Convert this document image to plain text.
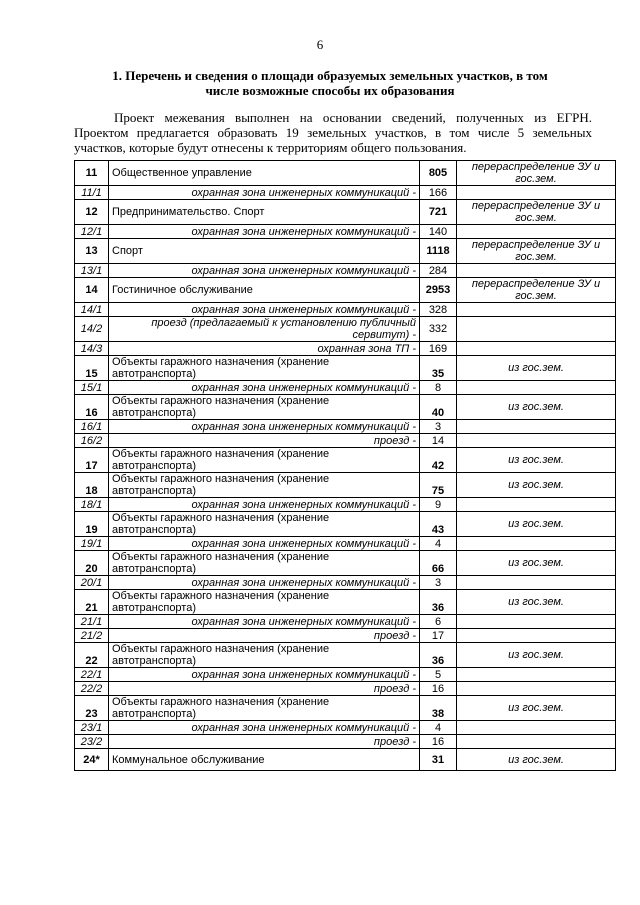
6
1. Перечень и сведения о площади образуемых земельных участков, в том числе возможные способы их образования
Проект межевания выполнен на основании сведений, полученных из ЕГРН. Проектом предлагается образовать 19 земельных участков, в том числе 5 земельных участков, которые будут отнесены к территориям общего пользования.
11	Общественное управление	805	перераспределение ЗУ и гос.зем.
11/1	охранная зона инженерных коммуникаций -	166	
12	Предпринимательство. Спорт	721	перераспределение ЗУ и гос.зем.
12/1	охранная зона инженерных коммуникаций -	140	
13	Спорт	1118	перераспределение ЗУ и гос.зем.
13/1	охранная зона инженерных коммуникаций -	284	
14	Гостиничное обслуживание	2953	перераспределение ЗУ и гос.зем.
14/1	охранная зона инженерных коммуникаций -	328	
14/2	проезд (предлагаемый к установлению публичный сервитут) -	332	
14/3	охранная зона ТП -	169	
15	Объекты гаражного назначения (хранение автотранспорта)	35	из гос.зем.
15/1	охранная зона инженерных коммуникаций -	8	
16	Объекты гаражного назначения (хранение автотранспорта)	40	из гос.зем.
16/1	охранная зона инженерных коммуникаций -	3	
16/2	проезд -	14	
17	Объекты гаражного назначения (хранение автотранспорта)	42	из гос.зем.
18	Объекты гаражного назначения (хранение автотранспорта)	75	из гос.зем.
18/1	охранная зона инженерных коммуникаций -	9	
19	Объекты гаражного назначения (хранение автотранспорта)	43	из гос.зем.
19/1	охранная зона инженерных коммуникаций -	4	
20	Объекты гаражного назначения (хранение автотранспорта)	66	из гос.зем.
20/1	охранная зона инженерных коммуникаций -	3	
21	Объекты гаражного назначения (хранение автотранспорта)	36	из гос.зем.
21/1	охранная зона инженерных коммуникаций -	6	
21/2	проезд -	17	
22	Объекты гаражного назначения (хранение автотранспорта)	36	из гос.зем.
22/1	охранная зона инженерных коммуникаций -	5	
22/2	проезд -	16	
23	Объекты гаражного назначения (хранение автотранспорта)	38	из гос.зем.
23/1	охранная зона инженерных коммуникаций -	4	
23/2	проезд -	16	
24*	Коммунальное обслуживание	31	из гос.зем.
